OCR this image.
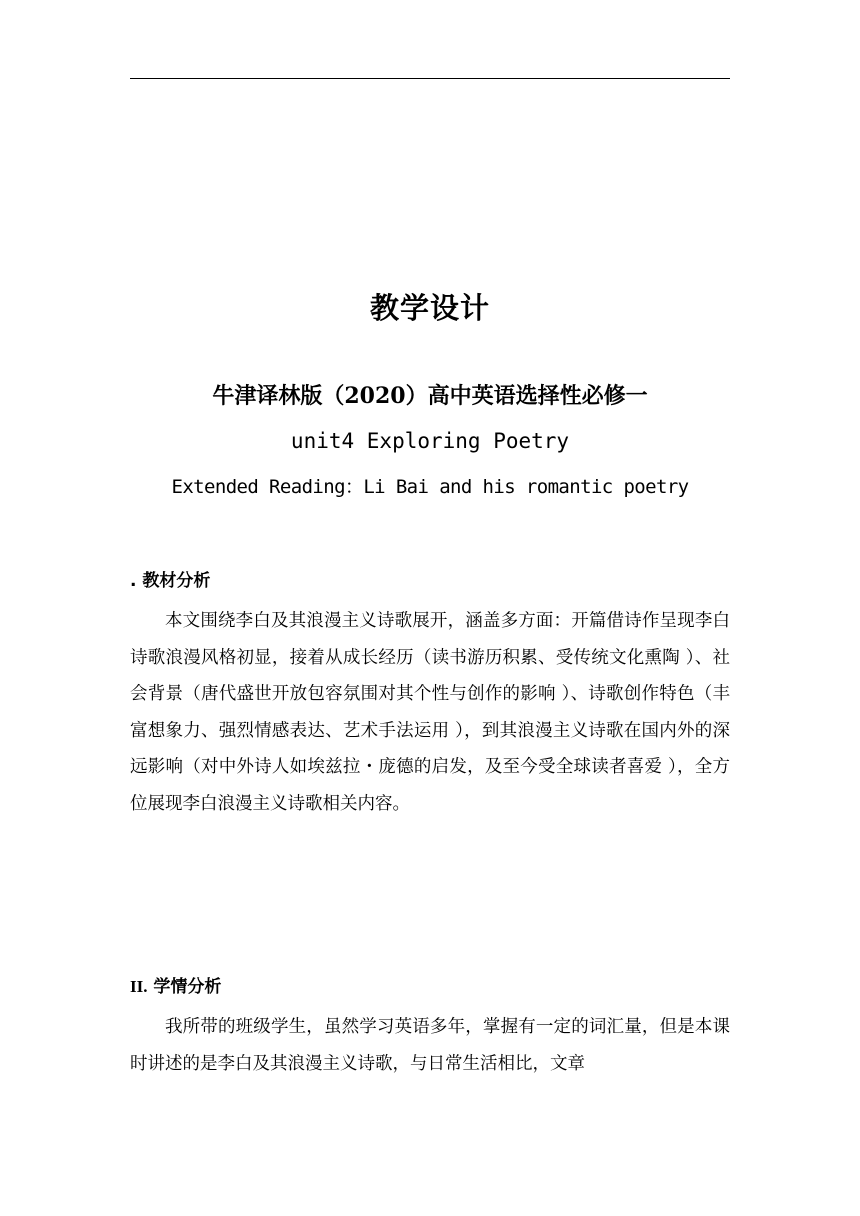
教学设计
牛津译林版（2020）高中英语选择性必修一
unit4 Exploring Poetry
Extended Reading：Li Bai and his romantic poetry
. 教材分析
本文围绕李白及其浪漫主义诗歌展开，涵盖多方面：开篇借诗作呈现李白诗歌浪漫风格初显，接着从成长经历（读书游历积累、受传统文化熏陶 ）、社会背景（唐代盛世开放包容氛围对其个性与创作的影响 ）、诗歌创作特色（丰富想象力、强烈情感表达、艺术手法运用 ），到其浪漫主义诗歌在国内外的深远影响（对中外诗人如埃兹拉・庞德的启发，及至今受全球读者喜爱 ），全方位展现李白浪漫主义诗歌相关内容。
II. 学情分析
我所带的班级学生，虽然学习英语多年，掌握有一定的词汇量，但是本课时讲述的是李白及其浪漫主义诗歌，与日常生活相比，文章
